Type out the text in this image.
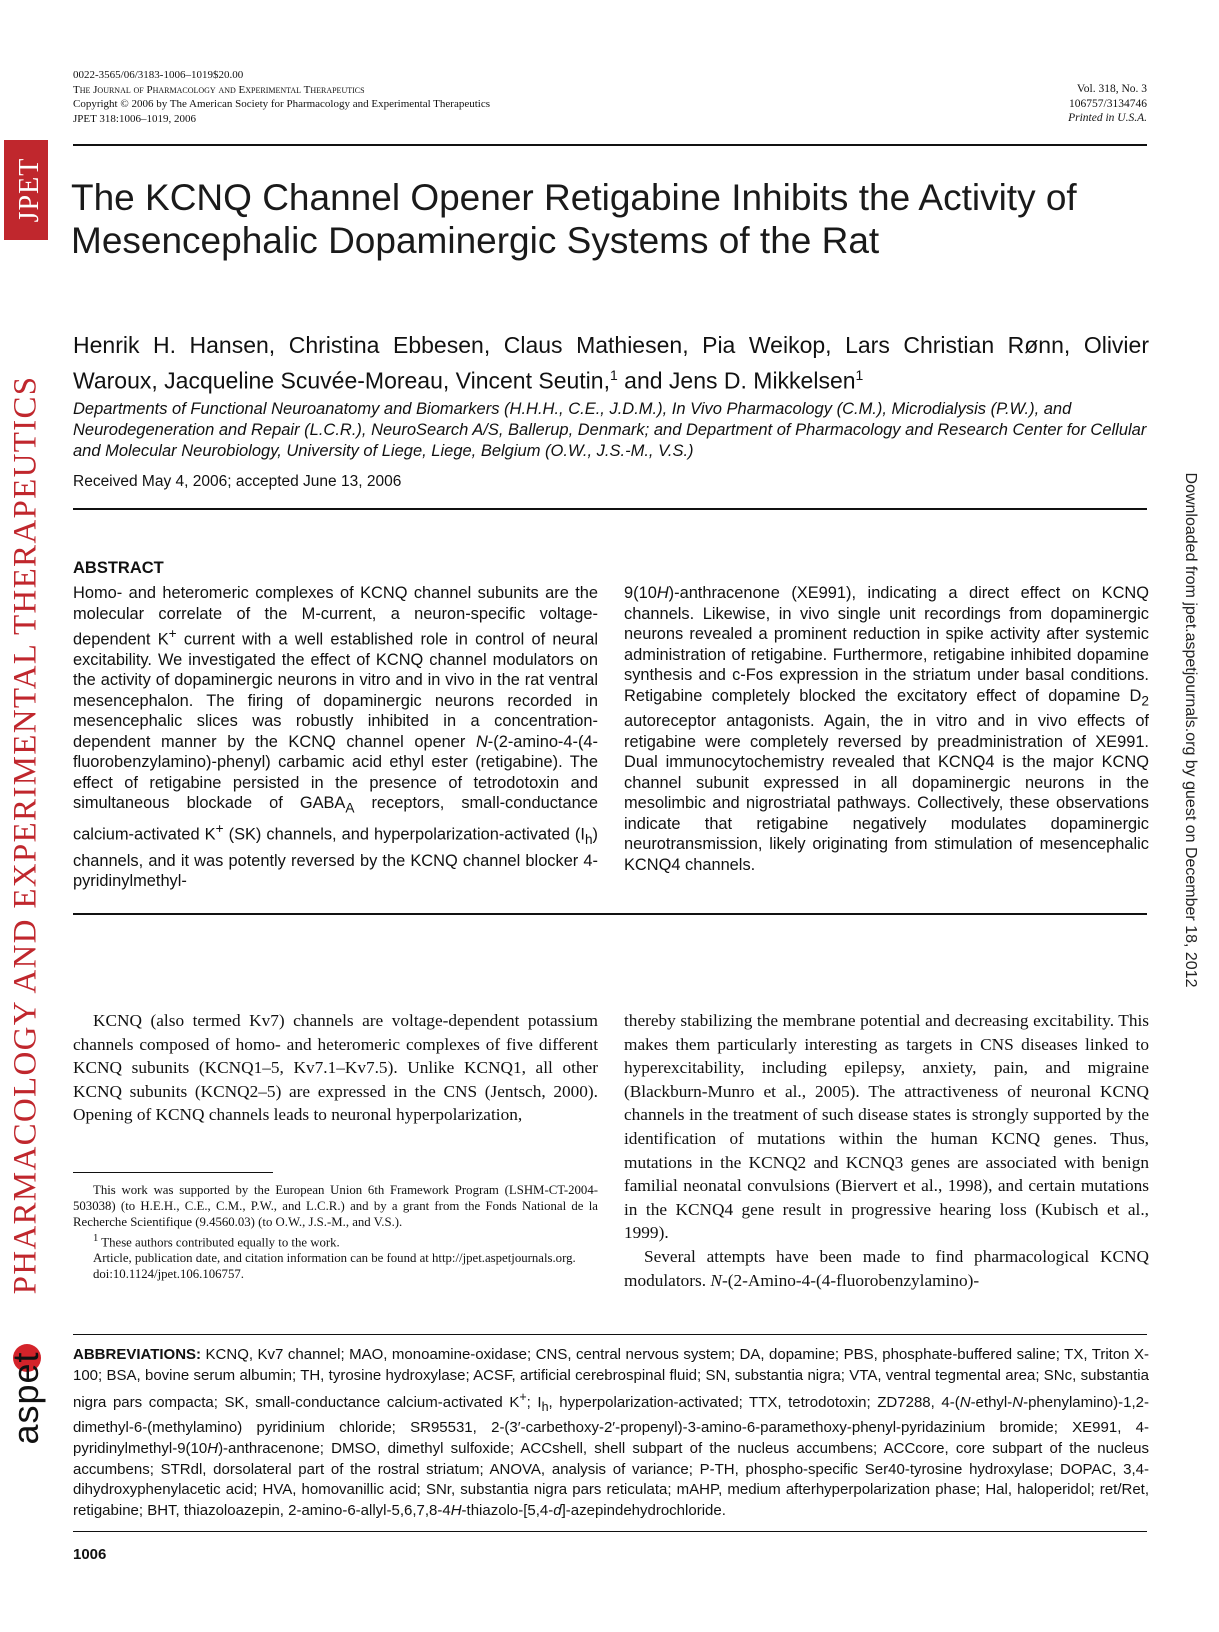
JPET
PHARMACOLOGY AND EXPERIMENTAL THERAPEUTICS
aspet
Downloaded from jpet.aspetjournals.org by guest on December 18, 2012
0022-3565/06/3183-1006–1019$20.00
The Journal of Pharmacology and Experimental Therapeutics
Copyright © 2006 by The American Society for Pharmacology and Experimental Therapeutics
JPET 318:1006–1019, 2006
Vol. 318, No. 3
106757/3134746
Printed in U.S.A.
The KCNQ Channel Opener Retigabine Inhibits the Activity of Mesencephalic Dopaminergic Systems of the Rat
Henrik H. Hansen, Christina Ebbesen, Claus Mathiesen, Pia Weikop, Lars Christian Rønn, Olivier Waroux, Jacqueline Scuvée-Moreau, Vincent Seutin,$^1$ and Jens D. Mikkelsen$^1$
Departments of Functional Neuroanatomy and Biomarkers (H.H.H., C.E., J.D.M.), In Vivo Pharmacology (C.M.), Microdialysis (P.W.), and Neurodegeneration and Repair (L.C.R.), NeuroSearch A/S, Ballerup, Denmark; and Department of Pharmacology and Research Center for Cellular and Molecular Neurobiology, University of Liege, Liege, Belgium (O.W., J.S.-M., V.S.)
Received May 4, 2006; accepted June 13, 2006
ABSTRACT
Homo- and heteromeric complexes of KCNQ channel subunits are the molecular correlate of the M-current, a neuron-specific voltage-dependent K+ current with a well established role in control of neural excitability. We investigated the effect of KCNQ channel modulators on the activity of dopaminergic neurons in vitro and in vivo in the rat ventral mesencephalon. The firing of dopaminergic neurons recorded in mesencephalic slices was robustly inhibited in a concentration-dependent manner by the KCNQ channel opener N-(2-amino-4-(4-fluorobenzylamino)-phenyl) carbamic acid ethyl ester (retigabine). The effect of retigabine persisted in the presence of tetrodotoxin and simultaneous blockade of $GABA_A$ receptors, small-conductance calcium-activated K+ (SK) channels, and hyperpolarization-activated $(I_h)$ channels, and it was potently reversed by the KCNQ channel blocker 4-pyridinylmethyl-
9(10H)-anthracenone (XE991), indicating a direct effect on KCNQ channels. Likewise, in vivo single unit recordings from dopaminergic neurons revealed a prominent reduction in spike activity after systemic administration of retigabine. Furthermore, retigabine inhibited dopamine synthesis and c-Fos expression in the striatum under basal conditions. Retigabine completely blocked the excitatory effect of dopamine $D_2$ autoreceptor antagonists. Again, the in vitro and in vivo effects of retigabine were completely reversed by preadministration of XE991. Dual immunocytochemistry revealed that KCNQ4 is the major KCNQ channel subunit expressed in all dopaminergic neurons in the mesolimbic and nigrostriatal pathways. Collectively, these observations indicate that retigabine negatively modulates dopaminergic neurotransmission, likely originating from stimulation of mesencephalic KCNQ4 channels.

KCNQ (also termed Kv7) channels are voltage-dependent potassium channels composed of homo- and heteromeric complexes of five different KCNQ subunits (KCNQ1–5, Kv7.1–Kv7.5). Unlike KCNQ1, all other KCNQ subunits (KCNQ2–5) are expressed in the CNS (Jentsch, 2000). Opening of KCNQ channels leads to neuronal hyperpolarization,

thereby stabilizing the membrane potential and decreasing excitability. This makes them particularly interesting as targets in CNS diseases linked to hyperexcitability, including epilepsy, anxiety, pain, and migraine (Blackburn-Munro et al., 2005). The attractiveness of neuronal KCNQ channels in the treatment of such disease states is strongly supported by the identification of mutations within the human KCNQ genes. Thus, mutations in the KCNQ2 and KCNQ3 genes are associated with benign familial neonatal convulsions (Biervert et al., 1998), and certain mutations in the KCNQ4 gene result in progressive hearing loss (Kubisch et al., 1999).

Several attempts have been made to find pharmacological KCNQ modulators. N-(2-Amino-4-(4-fluorobenzylamino)-

This work was supported by the European Union 6th Framework Program (LSHM-CT-2004-503038) (to H.E.H., C.E., C.M., P.W., and L.C.R.) and by a grant from the Fonds National de la Recherche Scientifique (9.4560.03) (to O.W., J.S.-M., and V.S.).

$^1$ These authors contributed equally to the work.

Article, publication date, and citation information can be found at http://jpet.aspetjournals.org.

doi:10.1124/jpet.106.106757.

ABBREVIATIONS: KCNQ, Kv7 channel; MAO, monoamine-oxidase; CNS, central nervous system; DA, dopamine; PBS, phosphate-buffered saline; TX, Triton X-100; BSA, bovine serum albumin; TH, tyrosine hydroxylase; ACSF, artificial cerebrospinal fluid; SN, substantia nigra; VTA, ventral tegmental area; SNc, substantia nigra pars compacta; SK, small-conductance calcium-activated K+; $I_h$, hyperpolarization-activated; TTX, tetrodotoxin; ZD7288, 4-(N-ethyl-N-phenylamino)-1,2-dimethyl-6-(methylamino) pyridinium chloride; SR95531, 2-(3′-carbethoxy-2′-propenyl)-3-amino-6-paramethoxy-phenyl-pyridazinium bromide; XE991, 4-pyridinylmethyl-9(10H)-anthracenone; DMSO, dimethyl sulfoxide; ACCshell, shell subpart of the nucleus accumbens; ACCcore, core subpart of the nucleus accumbens; STRdl, dorsolateral part of the rostral striatum; ANOVA, analysis of variance; P-TH, phospho-specific Ser40-tyrosine hydroxylase; DOPAC, 3,4-dihydroxyphenylacetic acid; HVA, homovanillic acid; SNr, substantia nigra pars reticulata; mAHP, medium afterhyperpolarization phase; Hal, haloperidol; ret/Ret, retigabine; BHT, thiazoloazepin, 2-amino-6-allyl-5,6,7,8-4H-thiazolo-[5,4-d]-azepindehydrochloride.
1006
